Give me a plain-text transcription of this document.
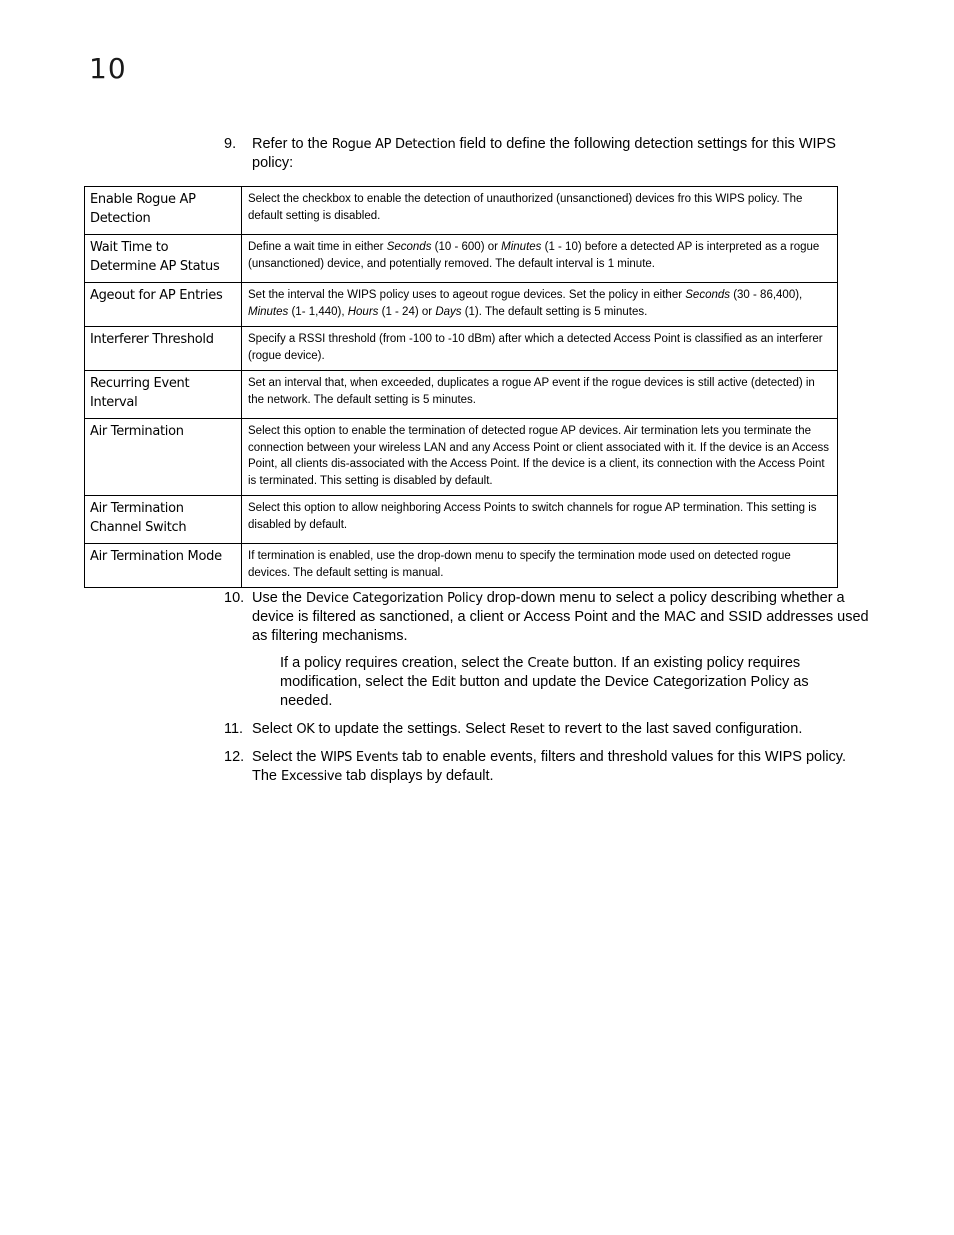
10
9.	Refer to the Rogue AP Detection field to define the following detection settings for this WIPS policy:
Enable Rogue AP Detection	Select the checkbox to enable the detection of unauthorized (unsanctioned) devices fro this WIPS policy. The default setting is disabled.
Wait Time to Determine AP Status	Define a wait time in either Seconds (10 - 600) or Minutes (1 - 10) before a detected AP is interpreted as a rogue (unsanctioned) device, and potentially removed. The default interval is 1 minute.
Ageout for AP Entries	Set the interval the WIPS policy uses to ageout rogue devices. Set the policy in either Seconds (30 - 86,400), Minutes (1- 1,440), Hours (1 - 24) or Days (1). The default setting is 5 minutes.
Interferer Threshold	Specify a RSSI threshold (from -100 to -10 dBm) after which a detected Access Point is classified as an interferer (rogue device).
Recurring Event Interval	Set an interval that, when exceeded, duplicates a rogue AP event if the rogue devices is still active (detected) in the network. The default setting is 5 minutes.
Air Termination	Select this option to enable the termination of detected rogue AP devices. Air termination lets you terminate the connection between your wireless LAN and any Access Point or client associated with it. If the device is an Access Point, all clients dis-associated with the Access Point. If the device is a client, its connection with the Access Point is terminated. This setting is disabled by default.
Air Termination Channel Switch	Select this option to allow neighboring Access Points to switch channels for rogue AP termination. This setting is disabled by default.
Air Termination Mode	If termination is enabled, use the drop-down menu to specify the termination mode used on detected rogue devices. The default setting is manual.
10. Use the Device Categorization Policy drop-down menu to select a policy describing whether a device is filtered as sanctioned, a client or Access Point and the MAC and SSID addresses used as filtering mechanisms.
If a policy requires creation, select the Create button. If an existing policy requires modification, select the Edit button and update the Device Categorization Policy as needed.
11. Select OK to update the settings. Select Reset to revert to the last saved configuration.
12. Select the WIPS Events tab to enable events, filters and threshold values for this WIPS policy. The Excessive tab displays by default.
